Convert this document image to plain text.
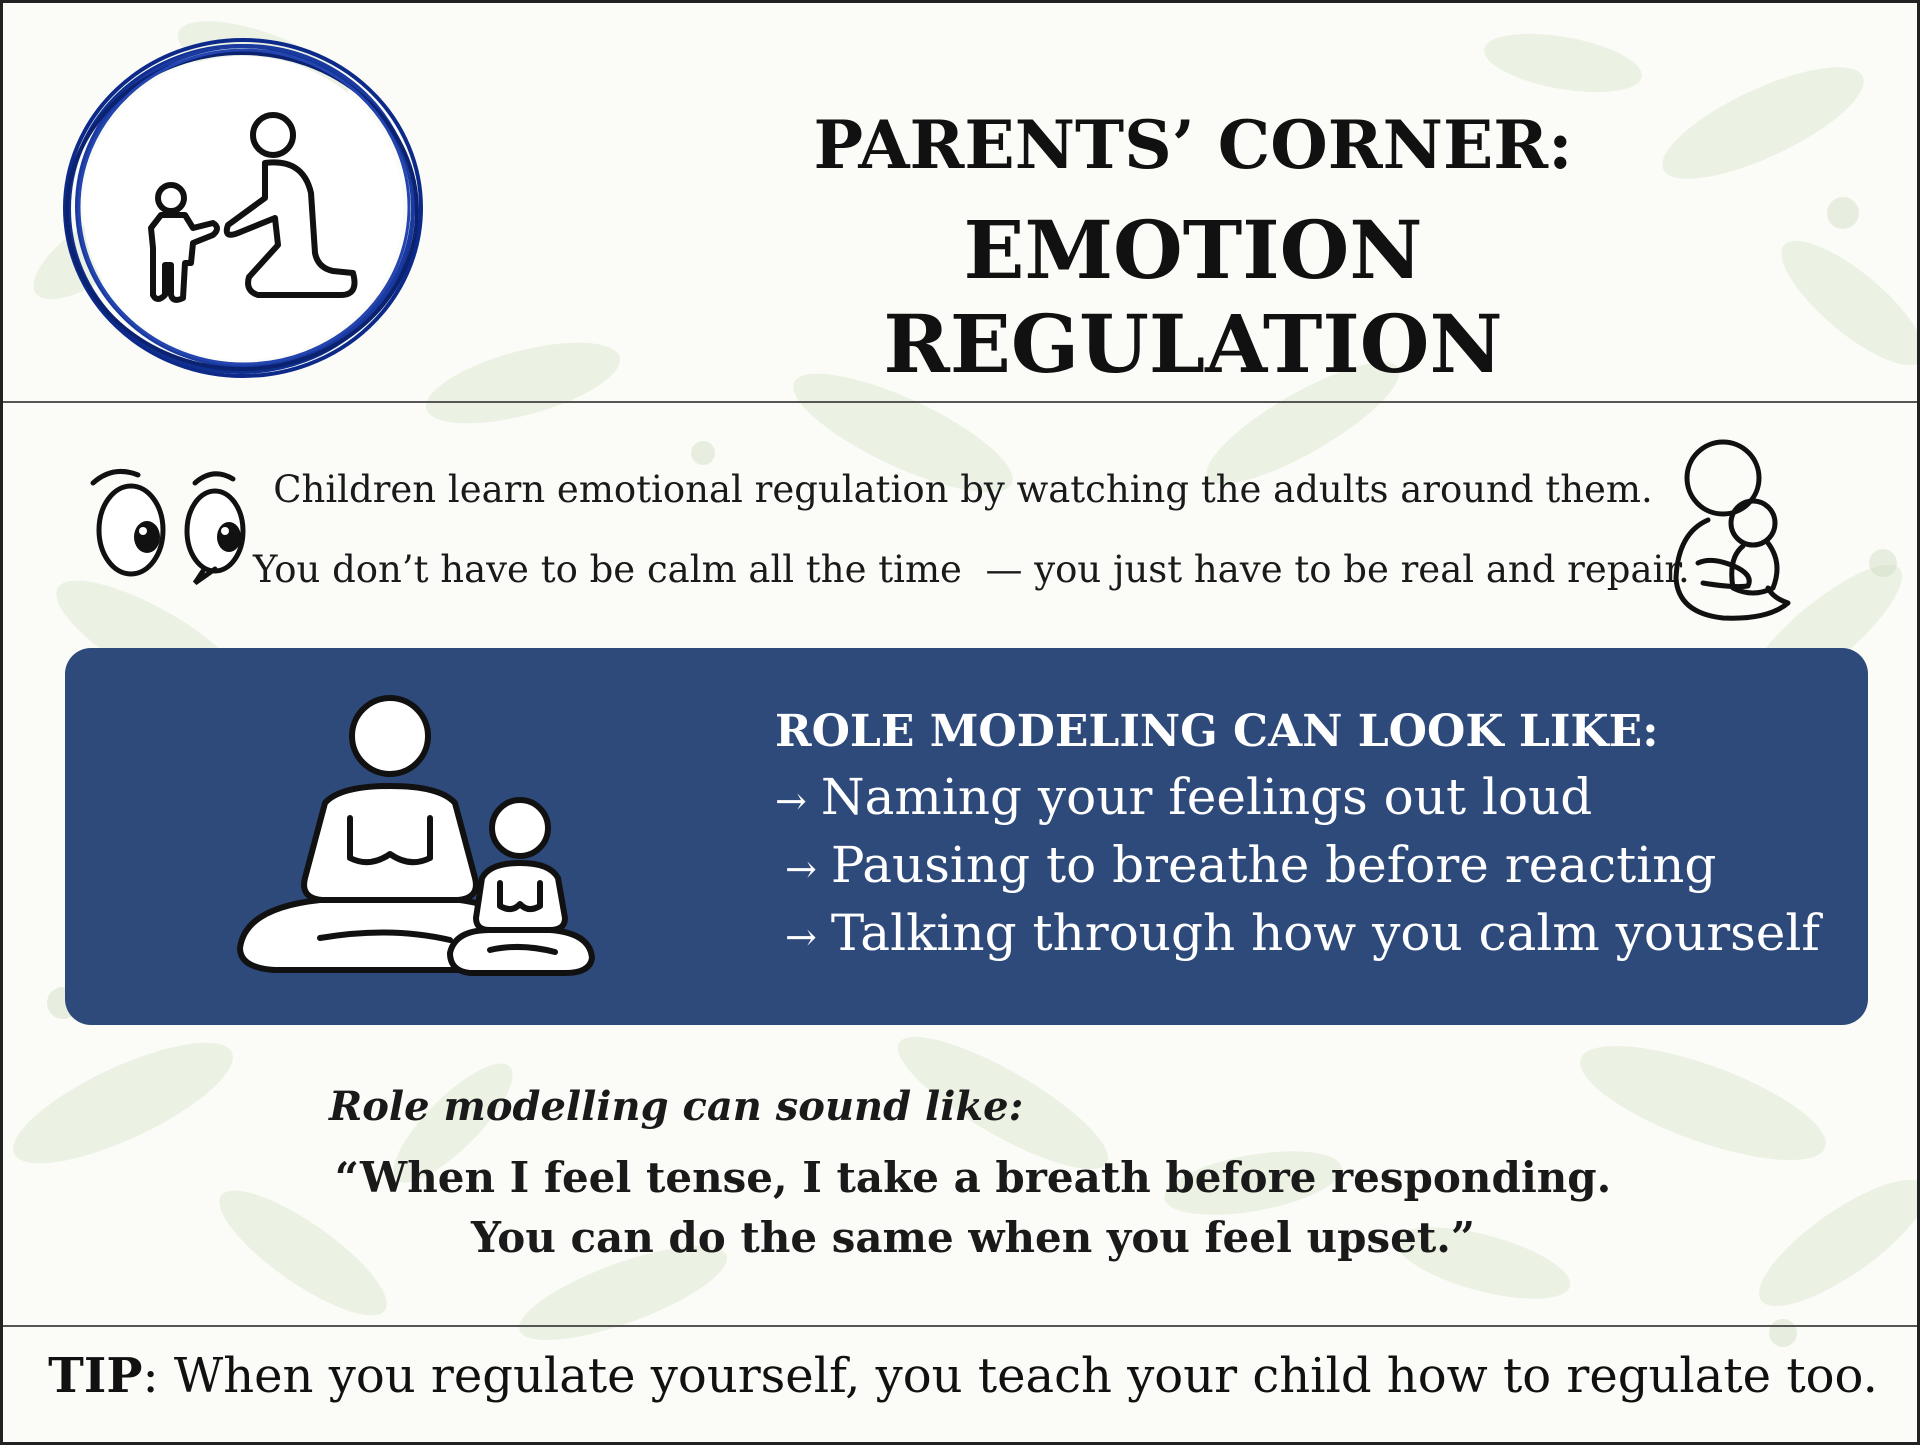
PARENTS’ CORNER:
EMOTION REGULATION
Children learn emotional regulation by watching the adults around them.
You don’t have to be calm all the time  — you just have to be real and repair.
ROLE MODELING CAN LOOK LIKE:
→ Naming your feelings out loud
→ Pausing to breathe before reacting
→ Talking through how you calm yourself
Role modelling can sound like:
“When I feel tense, I take a breath before responding.
You can do the same when you feel upset.”
TIP: When you regulate yourself, you teach your child how to regulate too.
